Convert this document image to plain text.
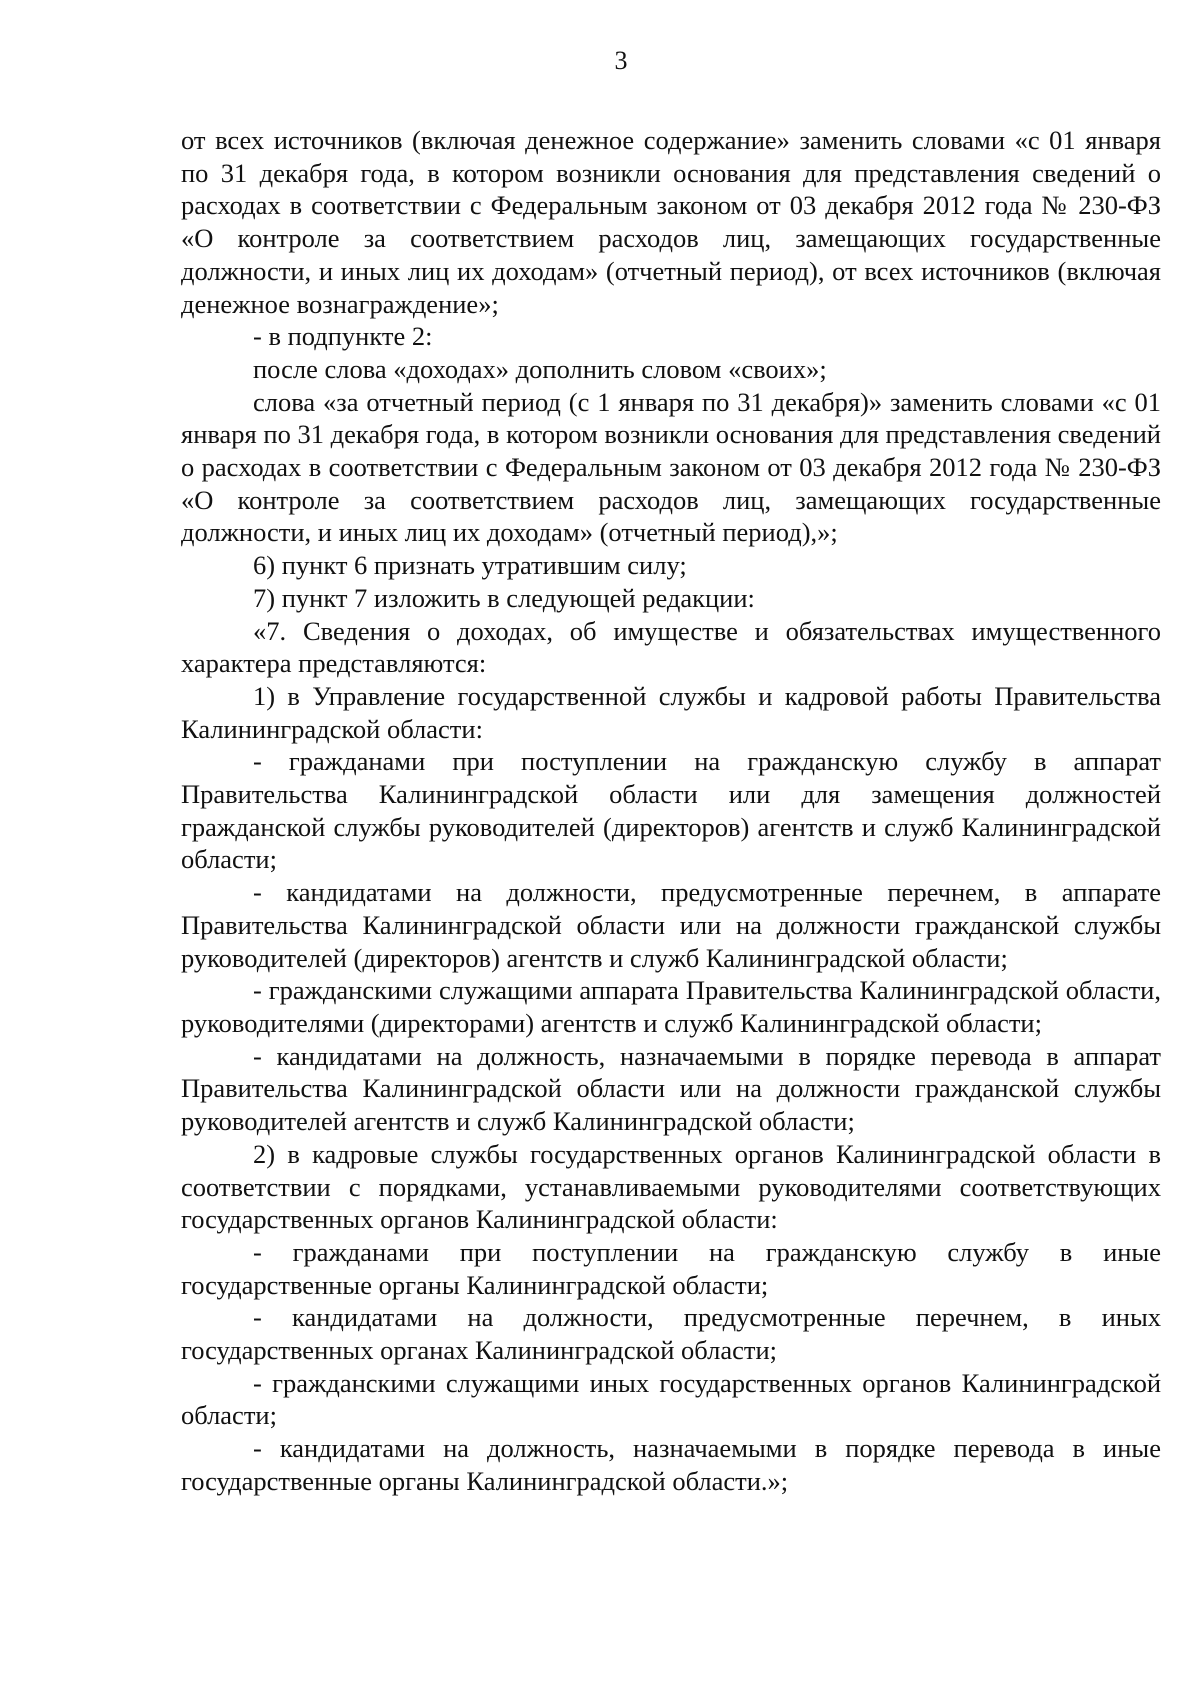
3

от всех источников (включая денежное содержание» заменить словами «с 01 января по 31 декабря года, в котором возникли основания для представления сведений о расходах в соответствии с Федеральным законом от 03 декабря 2012 года № 230-ФЗ «О контроле за соответствием расходов лиц, замещающих государственные должности, и иных лиц их доходам» (отчетный период), от всех источников (включая денежное вознаграждение»;

- в подпункте 2:

после слова «доходах» дополнить словом «своих»;

слова «за отчетный период (с 1 января по 31 декабря)» заменить словами «с 01 января по 31 декабря года, в котором возникли основания для представления сведений о расходах в соответствии с Федеральным законом от 03 декабря 2012 года № 230-ФЗ «О контроле за соответствием расходов лиц, замещающих государственные должности, и иных лиц их доходам» (отчетный период),»;

6) пункт 6 признать утратившим силу;

7) пункт 7 изложить в следующей редакции:

«7. Сведения о доходах, об имуществе и обязательствах имущественного характера представляются:

1) в Управление государственной службы и кадровой работы Правительства Калининградской области:

- гражданами при поступлении на гражданскую службу в аппарат Правительства Калининградской области или для замещения должностей гражданской службы руководителей (директоров) агентств и служб Калининградской области;

- кандидатами на должности, предусмотренные перечнем, в аппарате Правительства Калининградской области или на должности гражданской службы руководителей (директоров) агентств и служб Калининградской области;

- гражданскими служащими аппарата Правительства Калининградской области, руководителями (директорами) агентств и служб Калининградской области;

- кандидатами на должность, назначаемыми в порядке перевода в аппарат Правительства Калининградской области или на должности гражданской службы руководителей агентств и служб Калининградской области;

2) в кадровые службы государственных органов Калининградской области в соответствии с порядками, устанавливаемыми руководителями соответствующих государственных органов Калининградской области:

- гражданами при поступлении на гражданскую службу в иные государственные органы Калининградской области;

- кандидатами на должности, предусмотренные перечнем, в иных государственных органах Калининградской области;

- гражданскими служащими иных государственных органов Калининградской области;

- кандидатами на должность, назначаемыми в порядке перевода в иные государственные органы Калининградской области.»;
